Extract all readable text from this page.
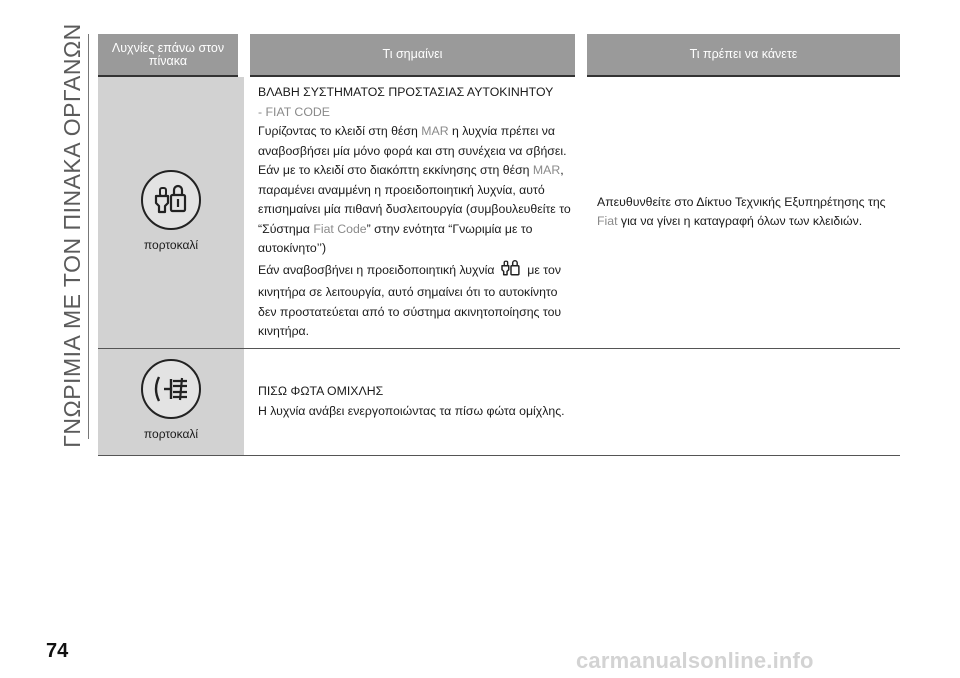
ΓΝΩΡΙΜΙΑ ΜΕ ΤΟΝ ΠΙΝΑΚΑ ΟΡΓΑΝΩΝ Λυχνίες επάνω στον πίνακα	Τι σημαίνει	Τι πρέπει να κάνετε

πορτοκαλί	ΒΛΑΒΗ ΣΥΣΤΗΜΑΤΟΣ ΠΡΟΣΤΑΣΙΑΣ ΑΥΤΟΚΙΝΗΤΟΥ
- FIAT CODE
Γυρίζοντας το κλειδί στη θέση MAR η λυχνία πρέπει να αναβοσβήσει μία μόνο φορά και στη συνέχεια να σβήσει.
Εάν με το κλειδί στο διακόπτη εκκίνησης στη θέση MAR, παραμένει αναμμένη η προειδοποιητική λυχνία, αυτό επισημαίνει μία πιθανή δυσλειτουργία (συμβουλευθείτε το “Σύστημα Fiat Code” στην ενότητα “Γνωριμία με το αυτοκίνητο’’)
Εάν αναβοσβήνει η προειδοποιητική λυχνία  με τον κινητήρα σε λειτουργία, αυτό σημαίνει ότι το αυτοκίνητο δεν προστατεύεται από το σύστημα ακινητοποίησης του κινητήρα.	Απευθυνθείτε στο Δίκτυο Τεχνικής Εξυπηρέτησης της Fiat για να γίνει η καταγραφή όλων των κλειδιών.

πορτοκαλί	ΠΙΣΩ ΦΩΤΑ ΟΜΙΧΛΗΣ
Η λυχνία ανάβει ενεργοποιώντας τα πίσω φώτα ομίχλης.	

74	carmanualsonline.info
